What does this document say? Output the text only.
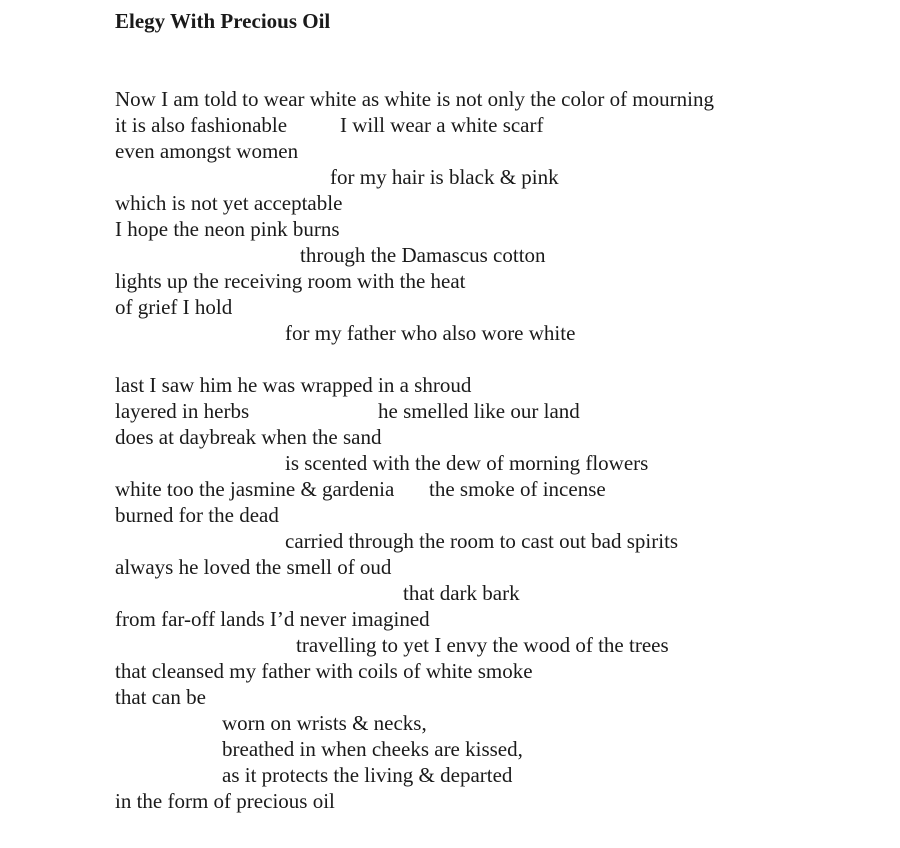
Elegy With Precious Oil
Now I am told to wear white as white is not only the color of mourning
it is also fashionable	I will wear a white scarf
even amongst women
for my hair is black & pink
which is not yet acceptable
I hope the neon pink burns
through the Damascus cotton
lights up the receiving room with the heat
of grief I hold
for my father who also wore white
last I saw him he was wrapped in a shroud
layered in herbs	he smelled like our land
does at daybreak when the sand
is scented with the dew of morning flowers
white too the jasmine & gardenia the smoke of incense
burned for the dead
carried through the room to cast out bad spirits
always he loved the smell of oud
that dark bark
from far-off lands I’d never imagined
travelling to yet I envy the wood of the trees
that cleansed my father with coils of white smoke
that can be
worn on wrists & necks,
breathed in when cheeks are kissed,
as it protects the living & departed
in the form of precious oil
